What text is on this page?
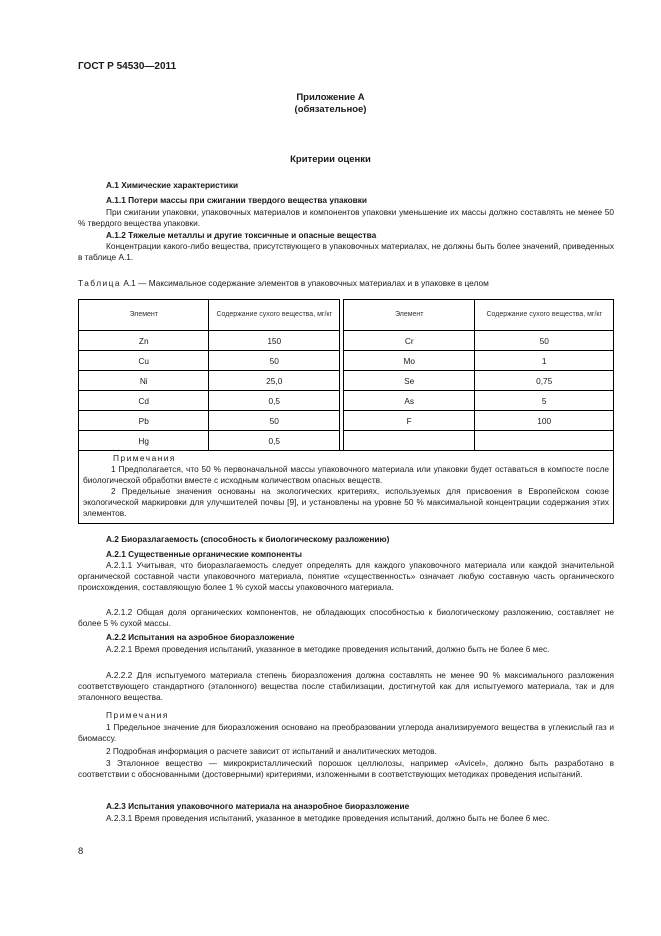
ГОСТ Р 54530—2011
Приложение А
(обязательное)
Критерии оценки
А.1 Химические характеристики
А.1.1 Потери массы при сжигании твердого вещества упаковки
При сжигании упаковки, упаковочных материалов и компонентов упаковки уменьшение их массы должно составлять не менее 50 % твердого вещества упаковки.
А.1.2 Тяжелые металлы и другие токсичные и опасные вещества
Концентрации какого-либо вещества, присутствующего в упаковочных материалах, не должны быть более значений, приведенных в таблице А.1.
Таблица А.1 — Максимальное содержание элементов в упаковочных материалах и в упаковке в целом
Элемент	Содержание сухого вещества, мг/кг		Элемент	Содержание сухого вещества, мг/кг
Zn	150		Cr	50
Cu	50		Mo	1
Ni	25,0		Se	0,75
Cd	0,5		As	5
Pb	50		F	100
Hg	0,5			

Примечания
1 Предполагается, что 50 % первоначальной массы упаковочного материала или упаковки будет оставаться в компосте после биологической обработки вместе с исходным количеством опасных веществ.
2 Предельные значения основаны на экологических критериях, используемых для присвоения в Европейском союзе экологической маркировки для улучшителей почвы [9], и установлены на уровне 50 % максимальной концентрации содержания этих элементов.				
А.2 Биоразлагаемость (способность к биологическому разложению)
А.2.1 Существенные органические компоненты
А.2.1.1 Учитывая, что биоразлагаемость следует определять для каждого упаковочного материала или каждой значительной органической составной части упаковочного материала, понятие «существенность» означает любую составную часть органического происхождения, составляющую более 1 % сухой массы упаковочного материала.
А.2.1.2 Общая доля органических компонентов, не обладающих способностью к биологическому разложению, составляет не более 5 % сухой массы.
А.2.2 Испытания на аэробное биоразложение
А.2.2.1 Время проведения испытаний, указанное в методике проведения испытаний, должно быть не более 6 мес.
А.2.2.2 Для испытуемого материала степень биоразложения должна составлять не менее 90 % максимального разложения соответствующего стандартного (эталонного) вещества после стабилизации, достигнутой как для испытуемого материала, так и для эталонного вещества.
Примечания
1 Предельное значение для биоразложения основано на преобразовании углерода анализируемого вещества в углекислый газ и биомассу.
2 Подробная информация о расчете зависит от испытаний и аналитических методов.
3 Эталонное вещество — микрокристаллический порошок целлюлозы, например «Avicel», должно быть разработано в соответствии с обоснованными (достоверными) критериями, изложенными в соответствующих методиках проведения испытаний.
А.2.3 Испытания упаковочного материала на анаэробное биоразложение
А.2.3.1 Время проведения испытаний, указанное в методике проведения испытаний, должно быть не более 6 мес.
8
